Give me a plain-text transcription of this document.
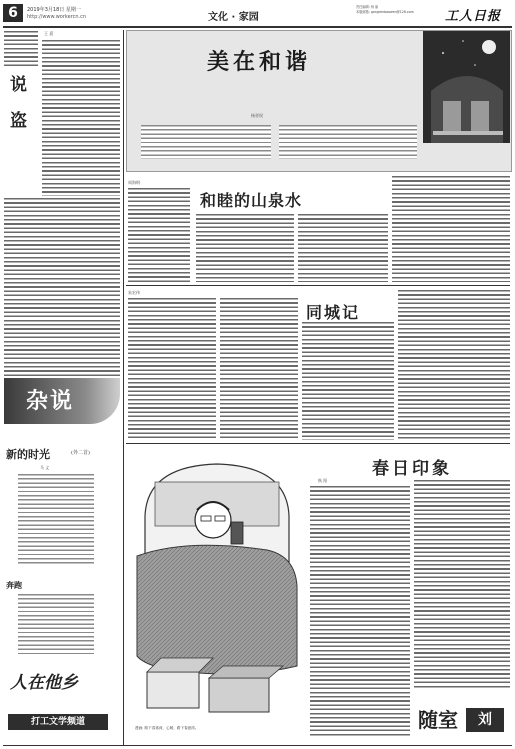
6	2019年3月18日 星期一
http://www.workercn.cn	文化 · 家园
责任编辑: 杨 丽
本版邮箱: gongrenbaowen@126.com	工人日报
王 熹
说
盗
杂说
新的时光	(外二首)
马 义
奔跑
人在他乡
打工文学频道
美在和谐
杨晋权
周海纲
和睦的山泉水
朱宏伟
同城记
漫画: 路下春寒深、心暖、路下春意浓。
春日印象
秋 阳
随室	刘
